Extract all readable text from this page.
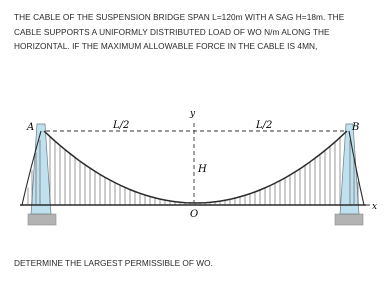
THE CABLE OF THE SUSPENSION BRIDGE SPAN L=120m WITH A SAG H=18m. THE
CABLE SUPPORTS A UNIFORMLY DISTRIBUTED LOAD OF WO N/m ALONG THE
HORIZONTAL. IF THE MAXIMUM ALLOWABLE FORCE IN THE CABLE IS 4MN,

A	B
L/2	L/2
y
H
O
x

DETERMINE THE LARGEST PERMISSIBLE OF WO.
